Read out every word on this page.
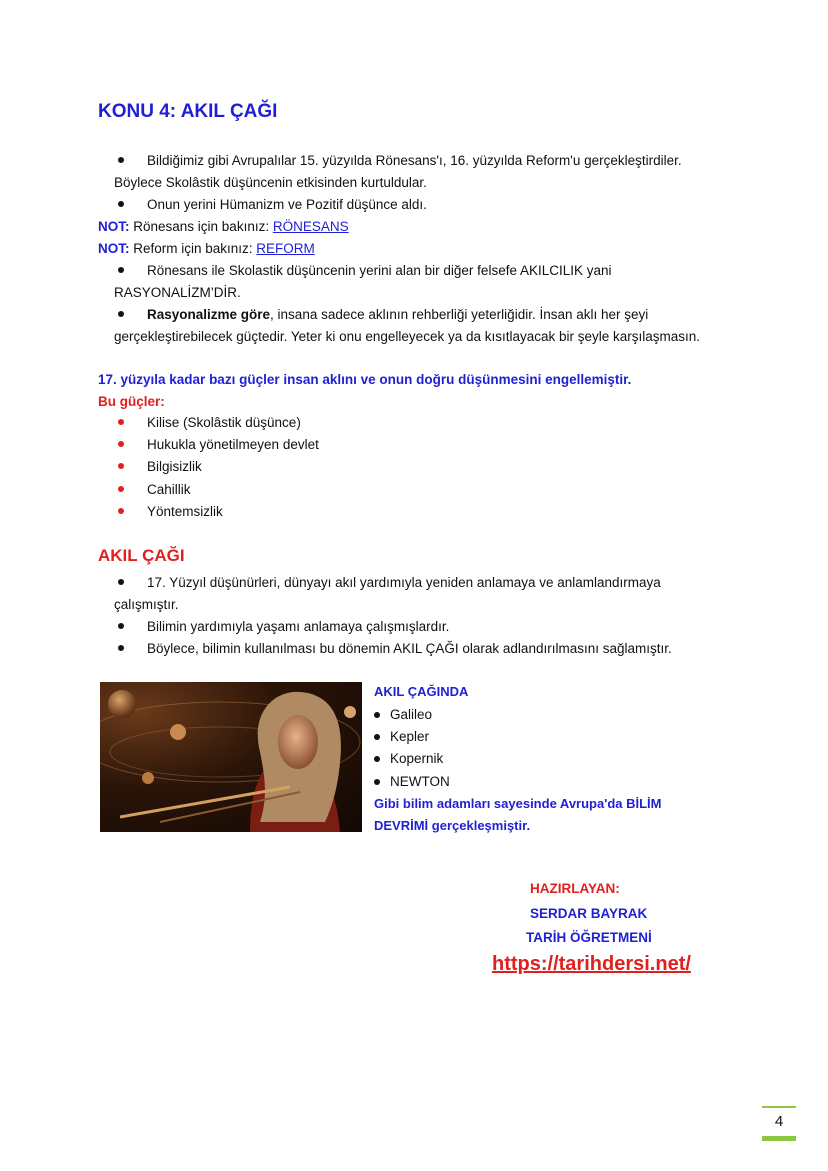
KONU 4: AKIL ÇAĞI
Bildiğimiz gibi Avrupalılar 15. yüzyılda Rönesans'ı, 16. yüzyılda Reform'u gerçekleştirdiler.
Böylece Skolâstik düşüncenin etkisinden kurtuldular.
Onun yerini Hümanizm ve Pozitif düşünce aldı.
NOT: Rönesans için bakınız: RÖNESANS
NOT: Reform için bakınız: REFORM
Rönesans ile Skolastik düşüncenin yerini alan bir diğer felsefe AKILCILIK yani
RASYONALİZM’DİR.
Rasyonalizme göre, insana sadece aklının rehberliği yeterliğidir. İnsan aklı her şeyi
gerçekleştirebilecek güçtedir. Yeter ki onu engelleyecek ya da kısıtlayacak bir şeyle karşılaşmasın.
17. yüzyıla kadar bazı güçler insan aklını ve onun doğru düşünmesini engellemiştir.
Bu güçler:
Kilise (Skolâstik düşünce)
Hukukla yönetilmeyen devlet
Bilgisizlik
Cahillik
Yöntemsizlik
AKIL ÇAĞI
17. Yüzyıl düşünürleri, dünyayı akıl yardımıyla yeniden anlamaya ve anlamlandırmaya
çalışmıştır.
Bilimin yardımıyla yaşamı anlamaya çalışmışlardır.
Böylece, bilimin kullanılması bu dönemin AKIL ÇAĞI olarak adlandırılmasını sağlamıştır.
AKIL ÇAĞINDA
Galileo
Kepler
Kopernik
NEWTON
Gibi bilim adamları sayesinde Avrupa'da BİLİM
DEVRİMİ gerçekleşmiştir.
HAZIRLAYAN:
SERDAR BAYRAK
TARİH ÖĞRETMENİ
https://tarihdersi.net/
4
